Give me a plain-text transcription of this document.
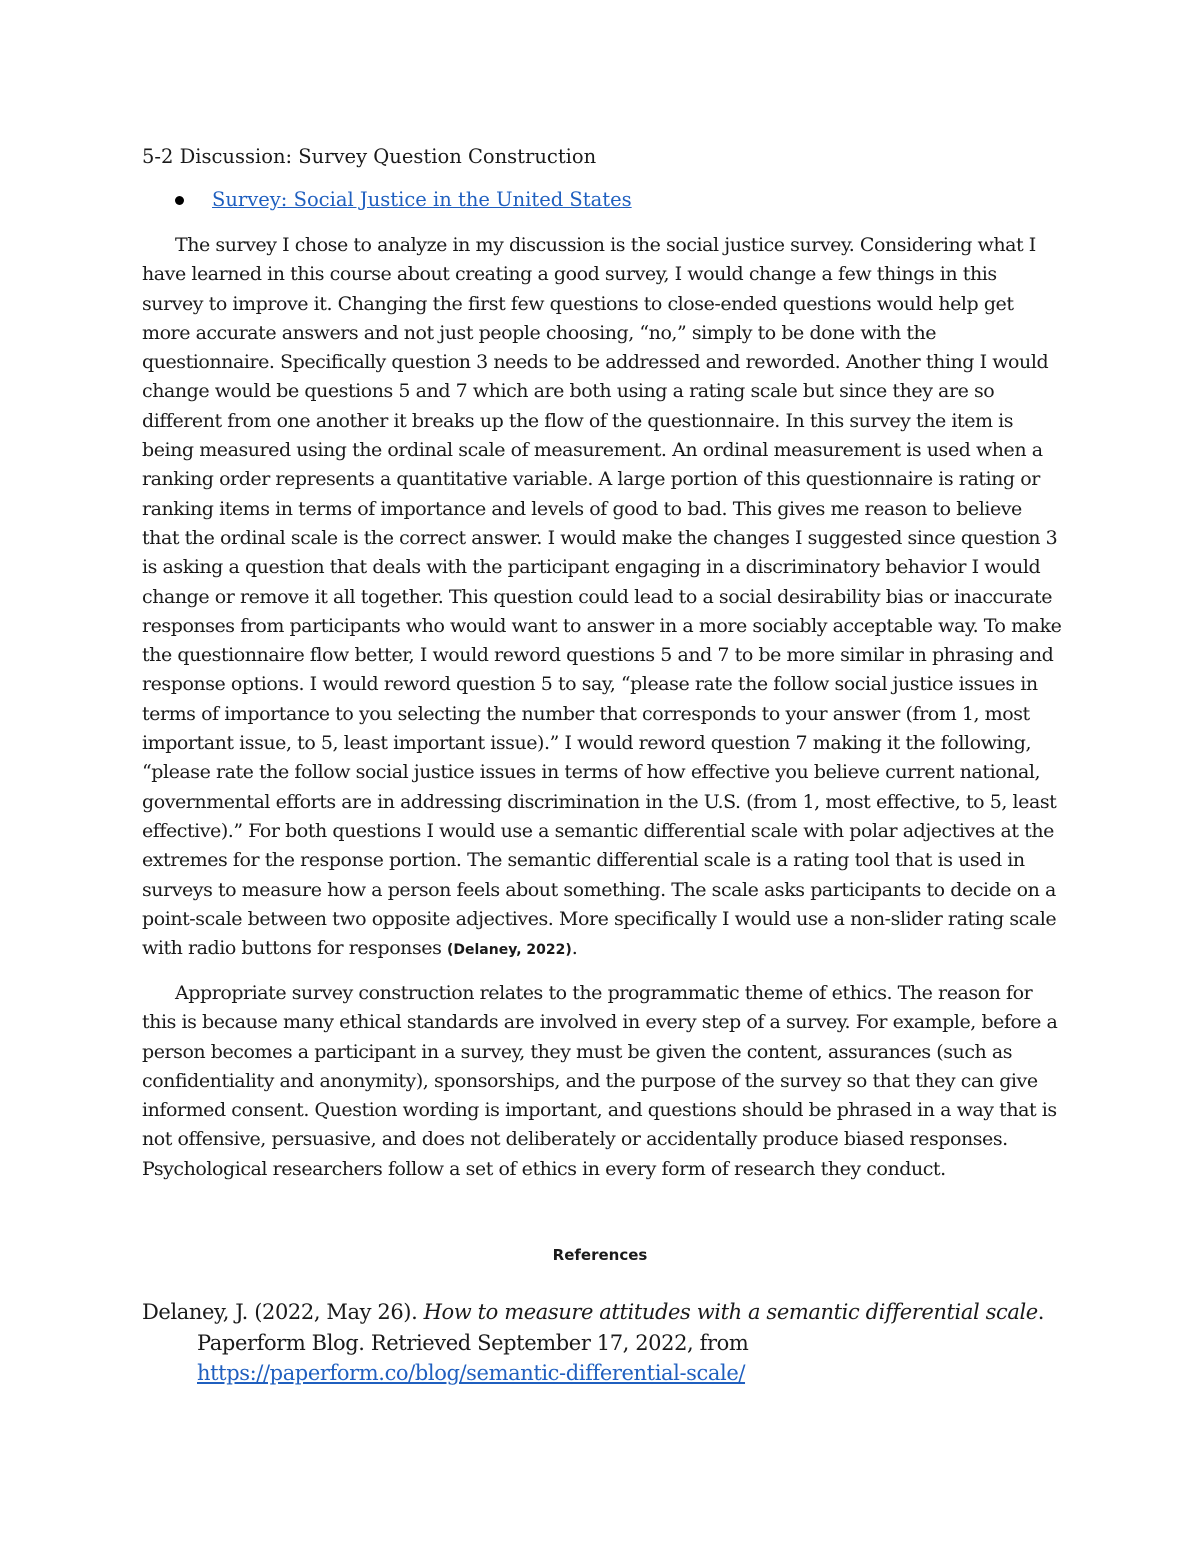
5-2 Discussion: Survey Question Construction
Survey: Social Justice in the United States

The survey I chose to analyze in my discussion is the social justice survey. Considering what I have learned in this course about creating a good survey, I would change a few things in this survey to improve it. Changing the first few questions to close-ended questions would help get more accurate answers and not just people choosing, “no,” simply to be done with the questionnaire. Specifically question 3 needs to be addressed and reworded. Another thing I would change would be questions 5 and 7 which are both using a rating scale but since they are so different from one another it breaks up the flow of the questionnaire. In this survey the item is being measured using the ordinal scale of measurement. An ordinal measurement is used when a ranking order represents a quantitative variable. A large portion of this questionnaire is rating or ranking items in terms of importance and levels of good to bad. This gives me reason to believe that the ordinal scale is the correct answer. I would make the changes I suggested since question 3 is asking a question that deals with the participant engaging in a discriminatory behavior I would change or remove it all together. This question could lead to a social desirability bias or inaccurate responses from participants who would want to answer in a more sociably acceptable way. To make the questionnaire flow better, I would reword questions 5 and 7 to be more similar in phrasing and response options. I would reword question 5 to say, “please rate the follow social justice issues in terms of importance to you selecting the number that corresponds to your answer (from 1, most important issue, to 5, least important issue).” I would reword question 7 making it the following, “please rate the follow social justice issues in terms of how effective you believe current national, governmental efforts are in addressing discrimination in the U.S. (from 1, most effective, to 5, least effective).” For both questions I would use a semantic differential scale with polar adjectives at the extremes for the response portion. The semantic differential scale is a rating tool that is used in surveys to measure how a person feels about something. The scale asks participants to decide on a point-scale between two opposite adjectives. More specifically I would use a non-slider rating scale with radio buttons for responses (Delaney, 2022).

Appropriate survey construction relates to the programmatic theme of ethics. The reason for this is because many ethical standards are involved in every step of a survey. For example, before a person becomes a participant in a survey, they must be given the content, assurances (such as confidentiality and anonymity), sponsorships, and the purpose of the survey so that they can give informed consent. Question wording is important, and questions should be phrased in a way that is not offensive, persuasive, and does not deliberately or accidentally produce biased responses. Psychological researchers follow a set of ethics in every form of research they conduct.

References

Delaney, J. (2022, May 26). How to measure attitudes with a semantic differential scale. Paperform Blog. Retrieved September 17, 2022, from https://paperform.co/blog/semantic-differential-scale/
